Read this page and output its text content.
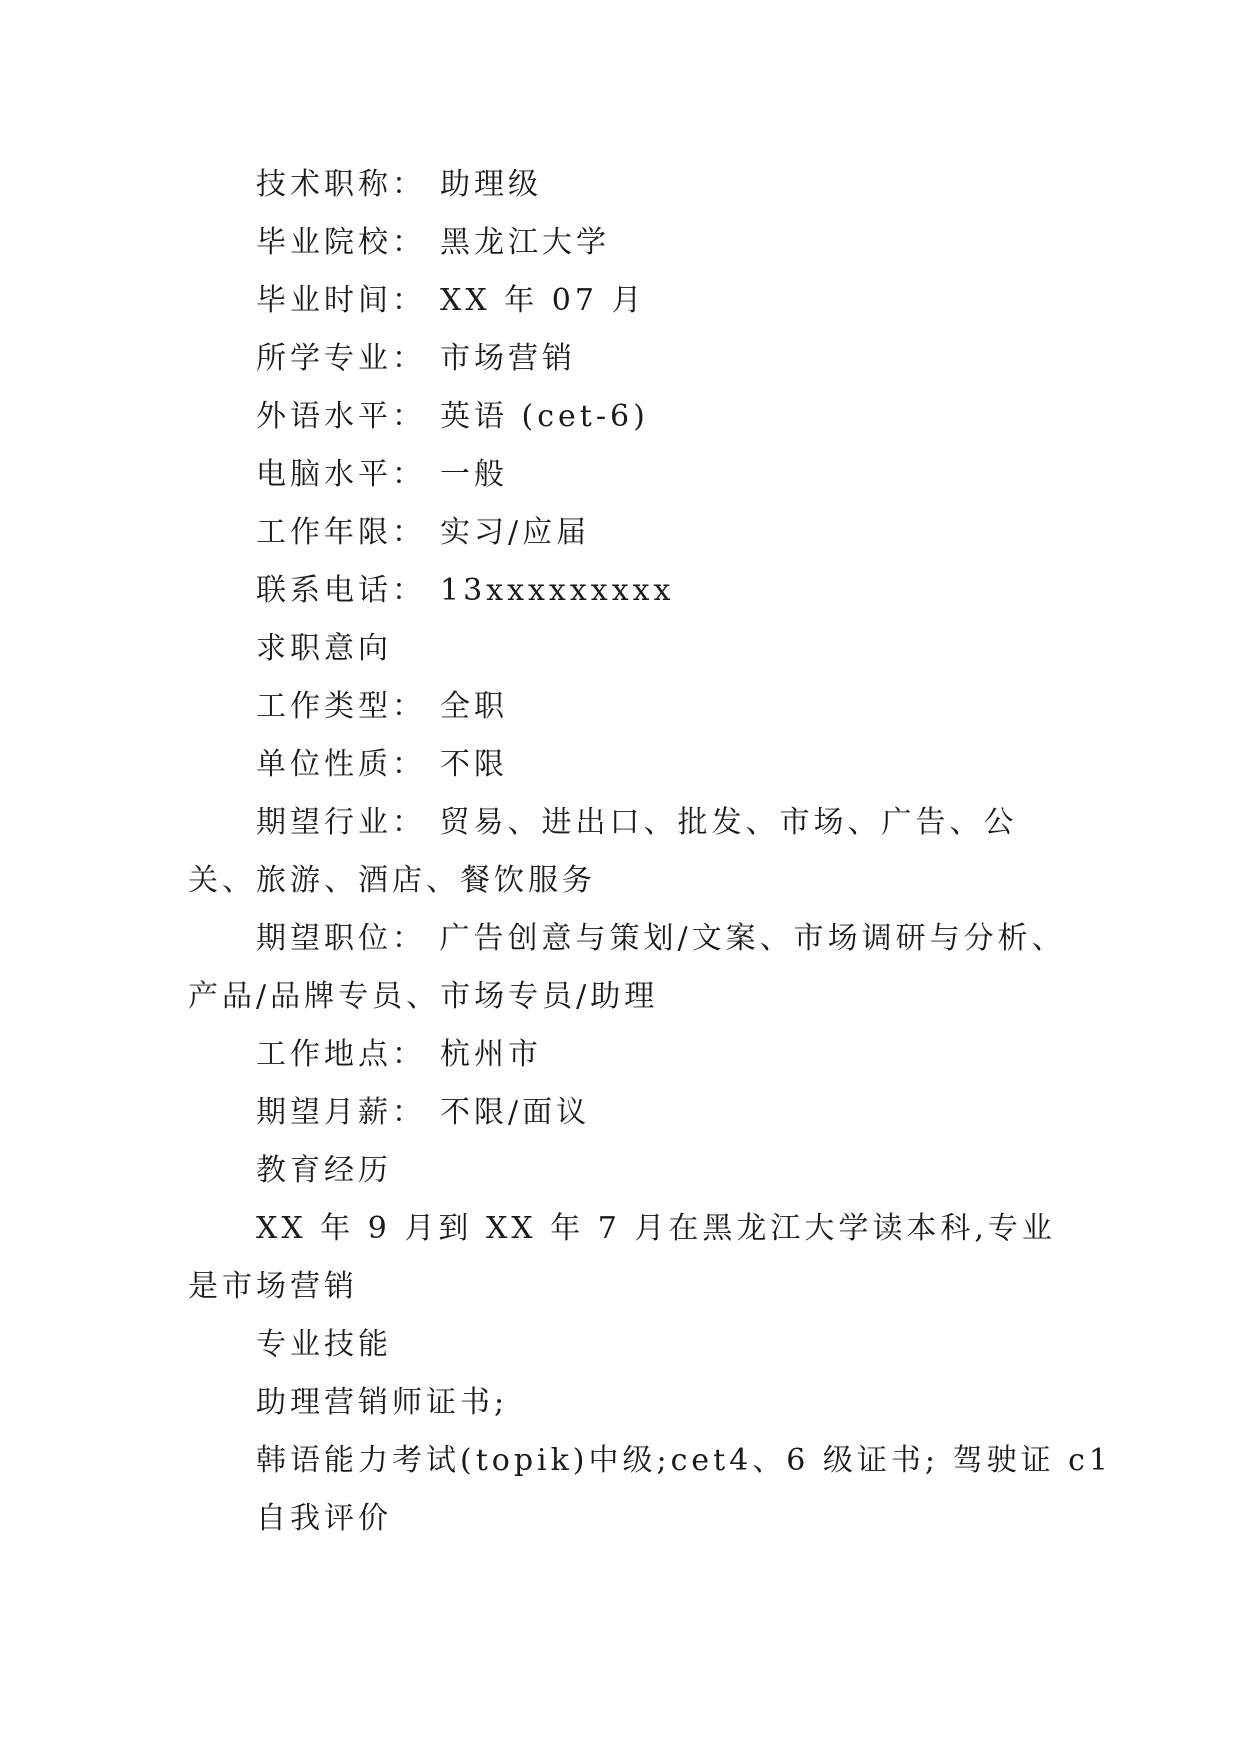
技术职称： 助理级
毕业院校： 黑龙江大学
毕业时间： XX 年 07 月
所学专业： 市场营销
外语水平： 英语 (cet-6)
电脑水平： 一般
工作年限： 实习/应届
联系电话： 13xxxxxxxxx
求职意向
工作类型： 全职
单位性质： 不限
期望行业： 贸易、进出口、批发、市场、广告、公关、旅游、酒店、餐饮服务
期望职位： 广告创意与策划/文案、市场调研与分析、产品/品牌专员、市场专员/助理
工作地点： 杭州市
期望月薪： 不限/面议
教育经历
XX 年 9 月到 XX 年 7 月在黑龙江大学读本科,专业是市场营销
专业技能
助理营销师证书;
韩语能力考试(topik)中级;cet4、6 级证书; 驾驶证 c1
自我评价
